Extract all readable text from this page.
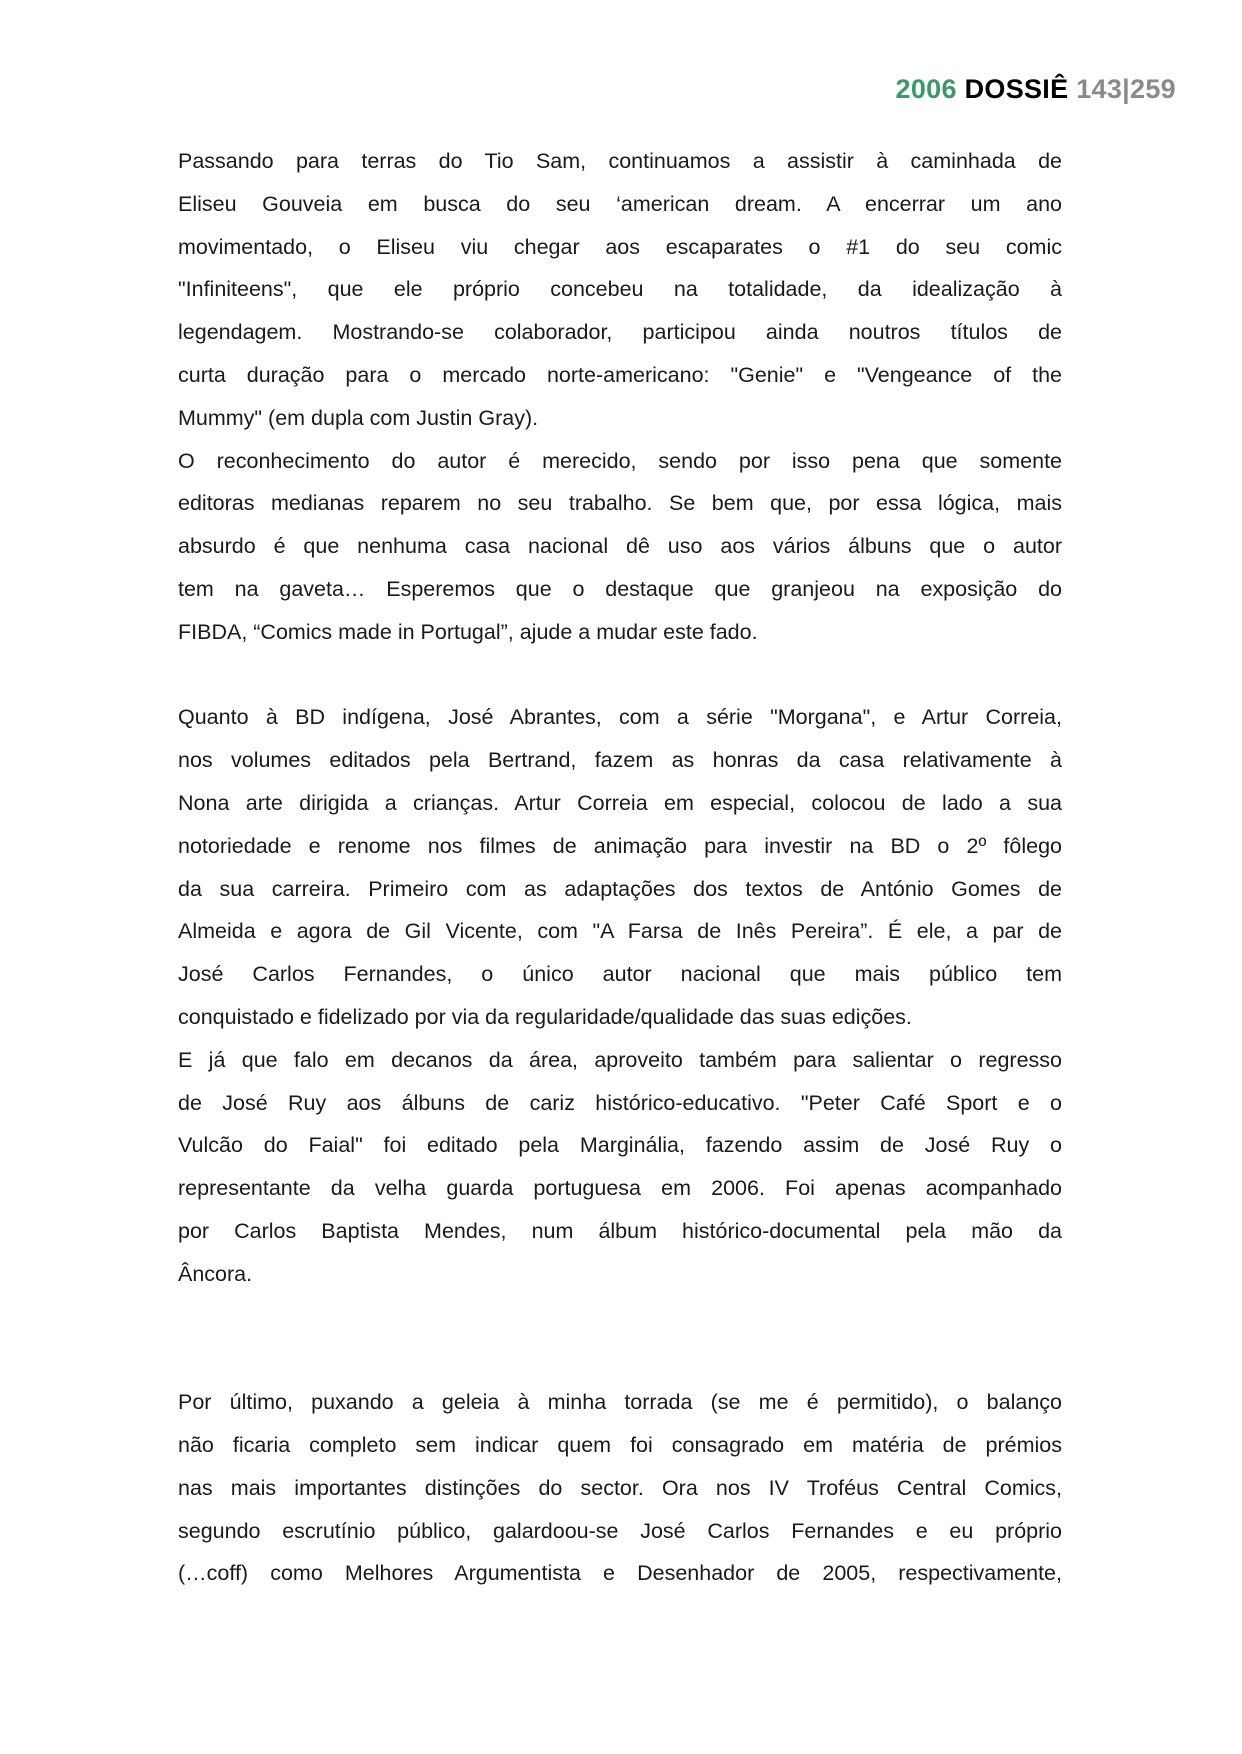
2006 DOSSIÊ 143|259
Passando para terras do Tio Sam, continuamos a assistir à caminhada de
Eliseu Gouveia em busca do seu ‘american dream. A encerrar um ano
movimentado, o Eliseu viu chegar aos escaparates o #1 do seu comic
"Infiniteens", que ele próprio concebeu na totalidade, da idealização à
legendagem. Mostrando-se colaborador, participou ainda noutros títulos de
curta duração para o mercado norte-americano: "Genie" e "Vengeance of the
Mummy" (em dupla com Justin Gray).
O reconhecimento do autor é merecido, sendo por isso pena que somente
editoras medianas reparem no seu trabalho. Se bem que, por essa lógica, mais
absurdo é que nenhuma casa nacional dê uso aos vários álbuns que o autor
tem na gaveta… Esperemos que o destaque que granjeou na exposição do
FIBDA, “Comics made in Portugal”, ajude a mudar este fado.
Quanto à BD indígena, José Abrantes, com a série "Morgana", e Artur Correia,
nos volumes editados pela Bertrand, fazem as honras da casa relativamente à
Nona arte dirigida a crianças. Artur Correia em especial, colocou de lado a sua
notoriedade e renome nos filmes de animação para investir na BD o 2º fôlego
da sua carreira. Primeiro com as adaptações dos textos de António Gomes de
Almeida e agora de Gil Vicente, com "A Farsa de Inês Pereira”. É ele, a par de
José Carlos Fernandes, o único autor nacional que mais público tem
conquistado e fidelizado por via da regularidade/qualidade das suas edições.
E já que falo em decanos da área, aproveito também para salientar o regresso
de José Ruy aos álbuns de cariz histórico-educativo. "Peter Café Sport e o
Vulcão do Faial" foi editado pela Marginália, fazendo assim de José Ruy o
representante da velha guarda portuguesa em 2006. Foi apenas acompanhado
por Carlos Baptista Mendes, num álbum histórico-documental pela mão da
Âncora.
Por último, puxando a geleia à minha torrada (se me é permitido), o balanço
não ficaria completo sem indicar quem foi consagrado em matéria de prémios
nas mais importantes distinções do sector. Ora nos IV Troféus Central Comics,
segundo escrutínio público, galardoou-se José Carlos Fernandes e eu próprio
(…coff) como Melhores Argumentista e Desenhador de 2005, respectivamente,
